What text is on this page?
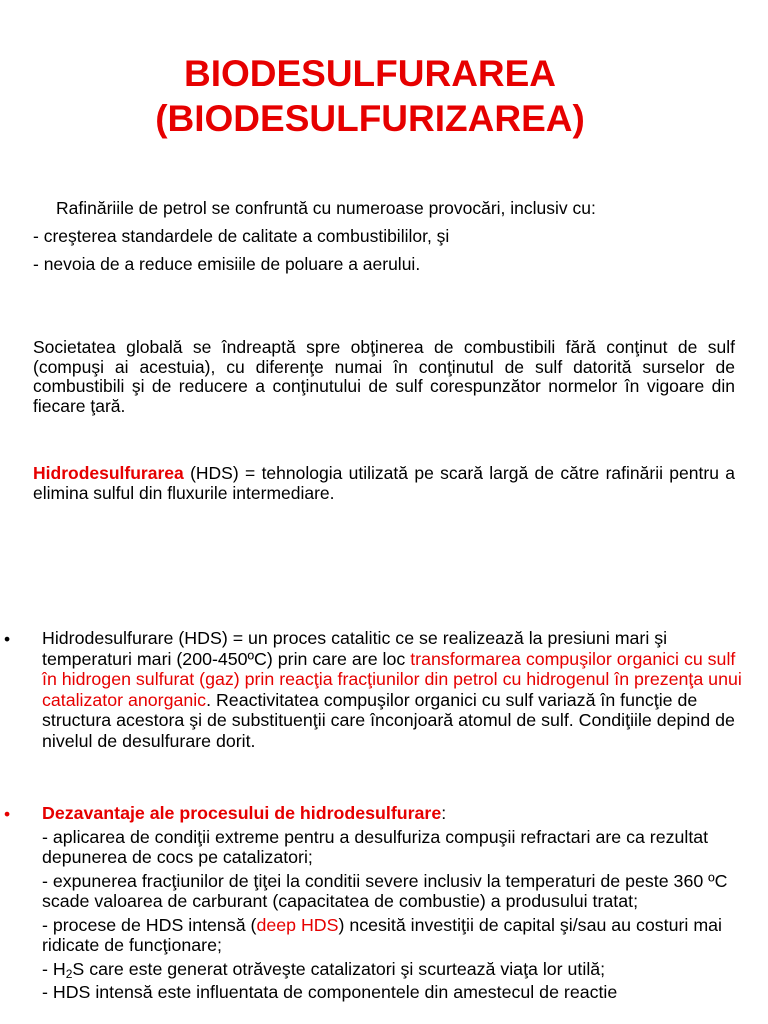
BIODESULFURAREA
(BIODESULFURIZAREA)
Rafinăriile de petrol se confruntă cu numeroase provocări, inclusiv cu:
- creşterea standardele de calitate a combustibililor, şi
- nevoia de a reduce emisiile de poluare a aerului.
Societatea globală se îndreaptă spre obţinerea de combustibili fără conţinut de sulf (compuşi ai acestuia), cu diferenţe numai în conţinutul de sulf datorită surselor de combustibili şi de reducere a conţinutului de sulf corespunzător normelor în vigoare din fiecare ţară.
Hidrodesulfurarea (HDS) = tehnologia utilizată pe scară largă de către rafinării pentru a elimina sulful din fluxurile intermediare.
• Hidrodesulfurare (HDS) = un proces catalitic ce se realizează la presiuni mari şi temperaturi mari (200-450ºC) prin care are loc transformarea compuşilor organici cu sulf în hidrogen sulfurat (gaz) prin reacţia fracţiunilor din petrol cu hidrogenul în prezenţa unui catalizator anorganic. Reactivitatea compuşilor organici cu sulf variază în funcţie de structura acestora şi de substituenţii care înconjoară atomul de sulf. Condiţiile depind de nivelul de desulfurare dorit.
• Dezavantaje ale procesului de hidrodesulfurare:

- aplicarea de condiţii extreme pentru a desulfuriza compuşii refractari are ca rezultat depunerea de cocs pe catalizatori;

- expunerea fracţiunilor de ţiţei la conditii severe inclusiv la temperaturi de peste 360 ºC scade valoarea de carburant (capacitatea de combustie) a produsului tratat;

- procese de HDS intensă (deep HDS) ncesită investiţii de capital şi/sau au costuri mai ridicate de funcţionare;

- $H_2S$ care este generat otrăveşte catalizatori şi scurtează viaţa lor utilă;

- HDS intensă este influentata de componentele din amestecul de reactie
